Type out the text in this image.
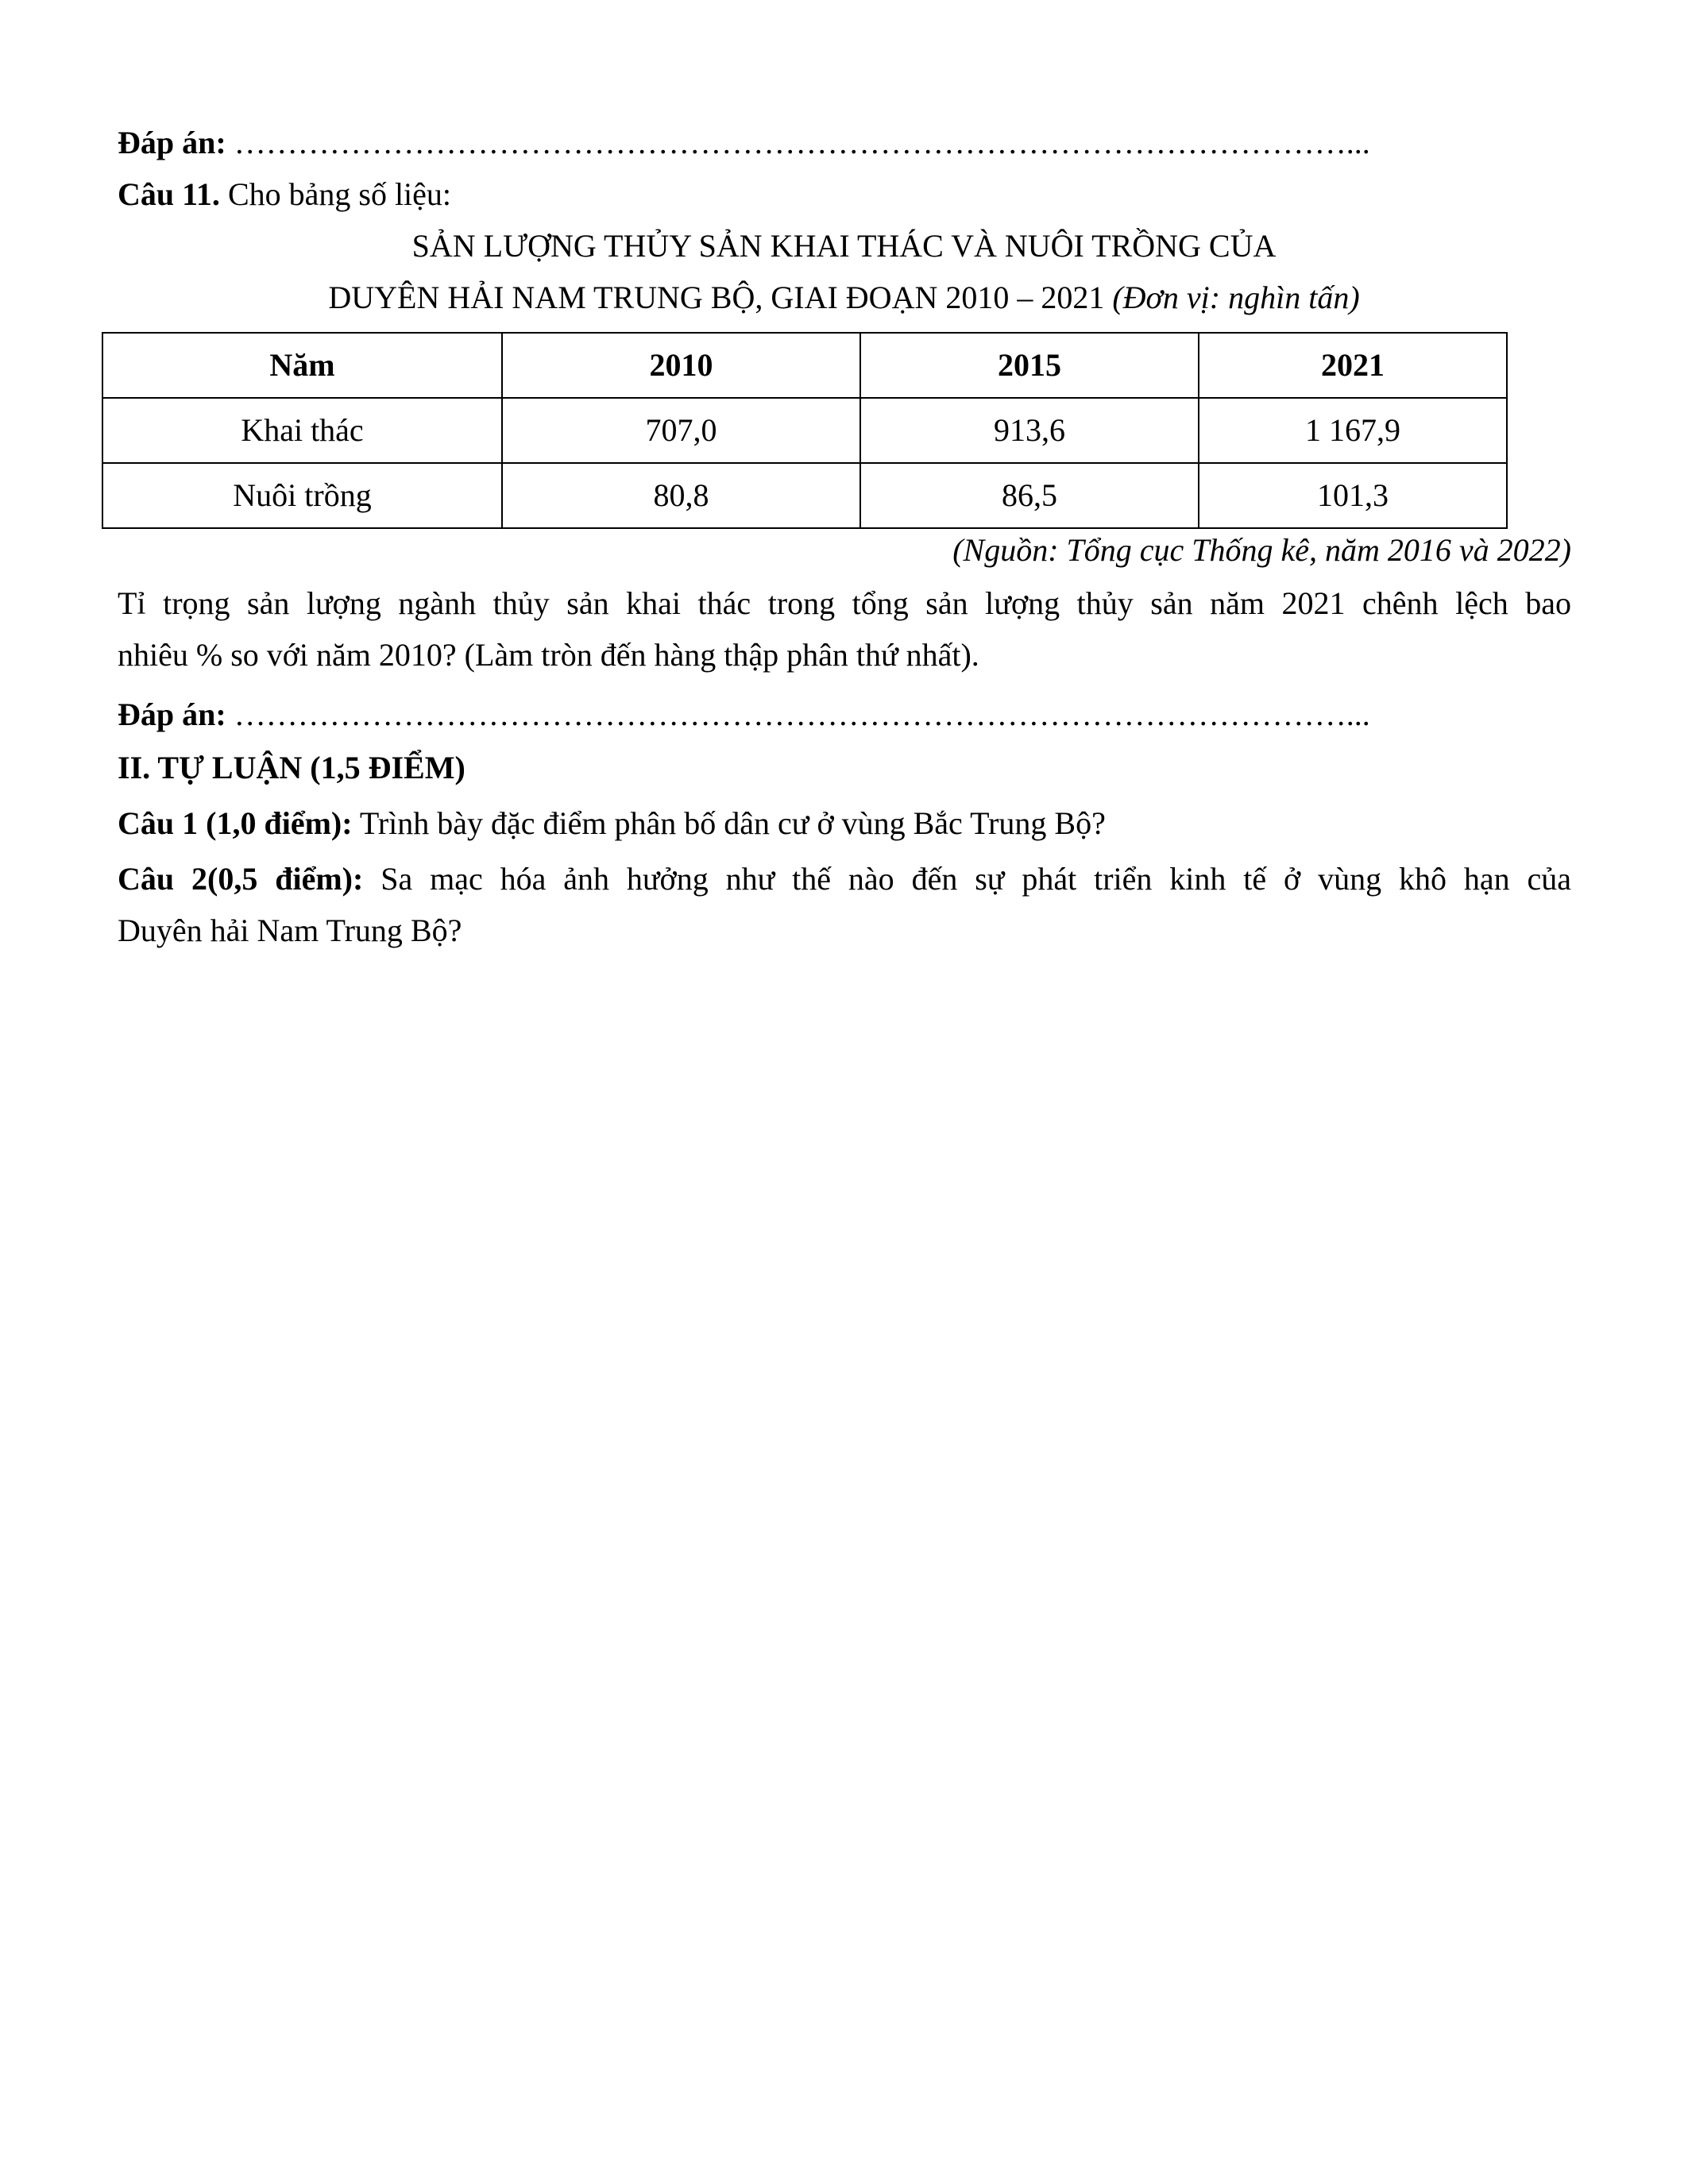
Đáp án: ……………………………………………………………………………………………...
Câu 11. Cho bảng số liệu:
SẢN LƯỢNG THỦY SẢN KHAI THÁC VÀ NUÔI TRỒNG CỦA
DUYÊN HẢI NAM TRUNG BỘ, GIAI ĐOẠN 2010 – 2021 (Đơn vị: nghìn tấn)
Năm	2010	2015	2021
Khai thác	707,0	913,6	1 167,9
Nuôi trồng	80,8	86,5	101,3
(Nguồn: Tổng cục Thống kê, năm 2016 và 2022)
Tỉ trọng sản lượng ngành thủy sản khai thác trong tổng sản lượng thủy sản năm 2021 chênh lệch bao
nhiêu % so với năm 2010? (Làm tròn đến hàng thập phân thứ nhất).
Đáp án: ……………………………………………………………………………………………...
II. TỰ LUẬN (1,5 ĐIỂM)
Câu 1 (1,0 điểm): Trình bày đặc điểm phân bố dân cư ở vùng Bắc Trung Bộ?
Câu 2(0,5 điểm): Sa mạc hóa ảnh hưởng như thế nào đến sự phát triển kinh tế ở vùng khô hạn của
Duyên hải Nam Trung Bộ?
